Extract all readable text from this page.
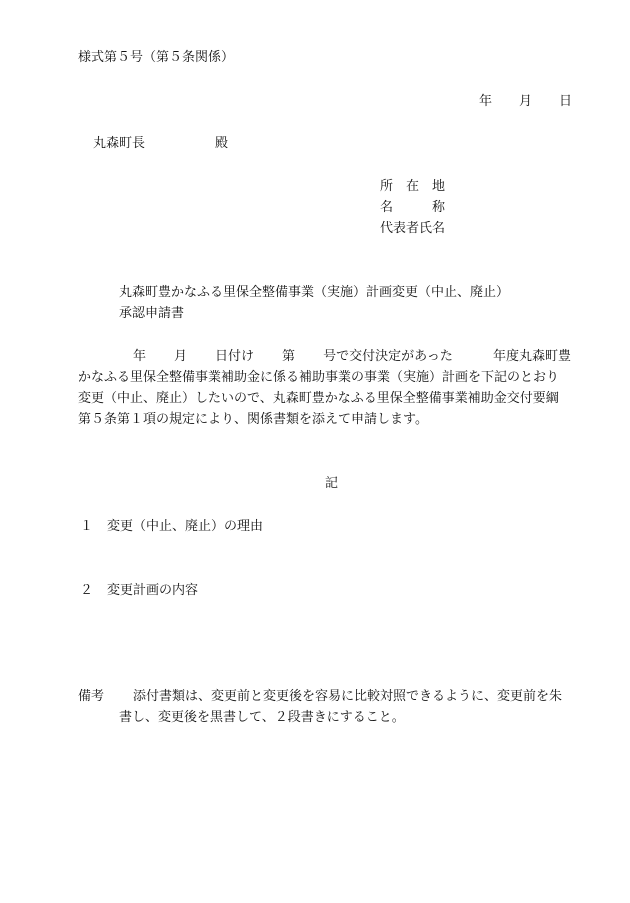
様式第５号（第５条関係）
年 月 日
丸森町長	殿
所　在　地
名　　　称
代表者氏名
丸森町豊かなふる里保全整備事業（実施）計画変更（中止、廃止）
承認申請書
年 月 日付け 第 号で交付決定があった	年度丸森町豊
かなふる里保全整備事業補助金に係る補助事業の事業（実施）計画を下記のとおり
変更（中止、廃止）したいので、丸森町豊かなふる里保全整備事業補助金交付要綱
第５条第１項の規定により、関係書類を添えて申請します。
記
１ 変更（中止、廃止）の理由
２ 変更計画の内容
備考 添付書類は、変更前と変更後を容易に比較対照できるように、変更前を朱
書し、変更後を黒書して、２段書きにすること。
